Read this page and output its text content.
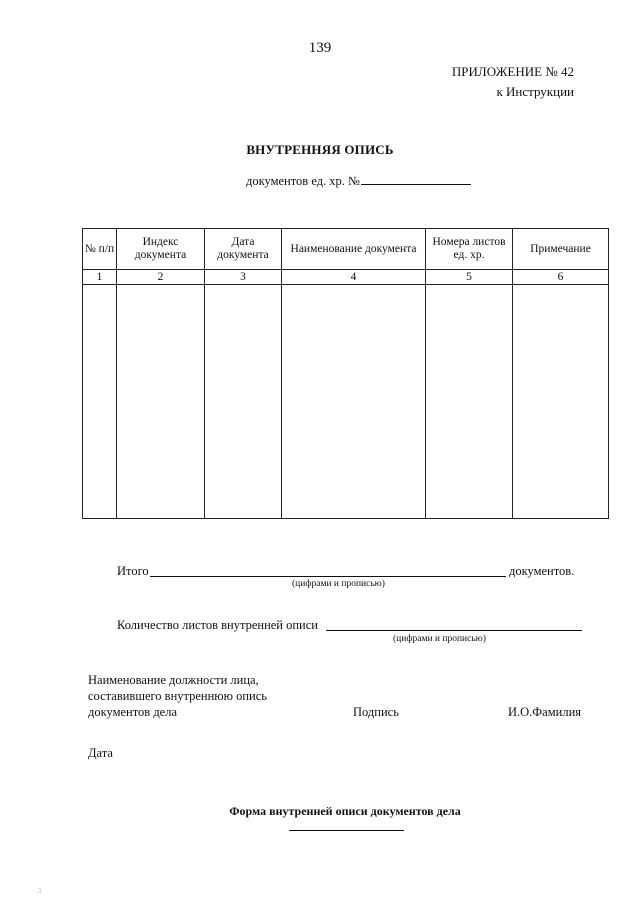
139
ПРИЛОЖЕНИЕ № 42
к Инструкции
ВНУТРЕННЯЯ ОПИСЬ
документов ед. хр. №
№ п/п	Индекс документа	Дата документа	Наименование документа	Номера листов ед. хр.	Примечание
1	2	3	4	5	6

Итого	документов.
(цифрами и прописью)
Количество листов внутренней описи
(цифрами и прописью)
Наименование должности лица,
составившего внутреннюю опись
документов дела	Подпись	И.О.Фамилия
Дата
Форма внутренней описи документов дела
.1
